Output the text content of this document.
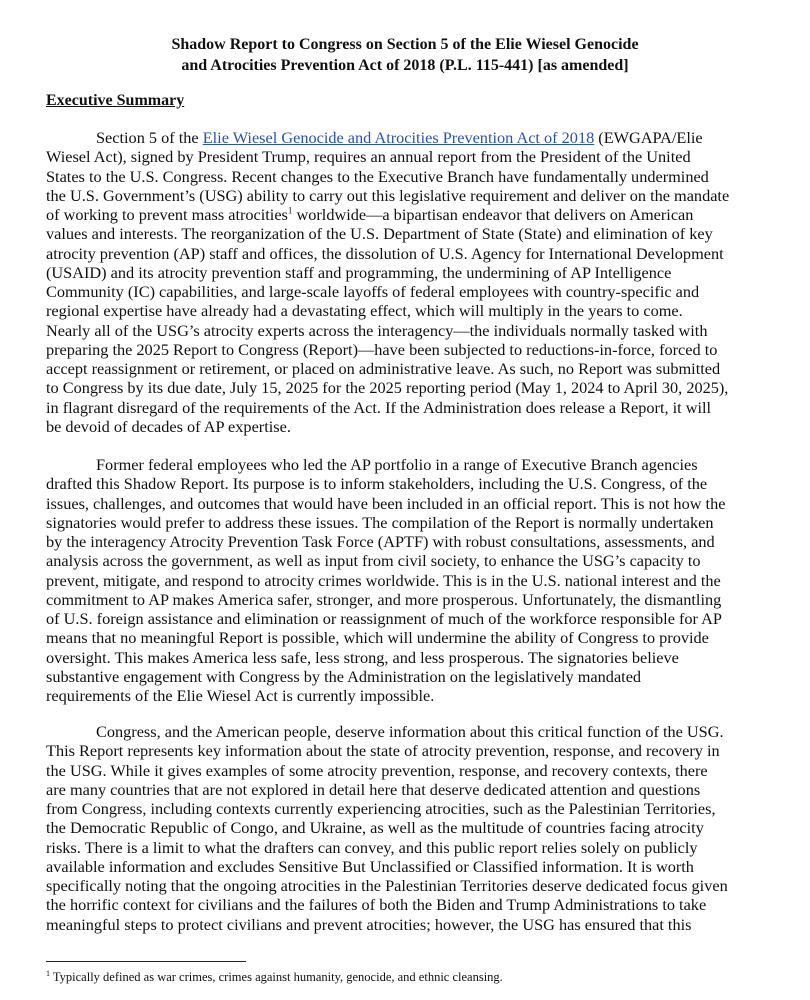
Shadow Report to Congress on Section 5 of the Elie Wiesel Genocide
and Atrocities Prevention Act of 2018 (P.L. 115-441) [as amended]
Executive Summary
Section 5 of the Elie Wiesel Genocide and Atrocities Prevention Act of 2018 (EWGAPA/Elie
Wiesel Act), signed by President Trump, requires an annual report from the President of the United
States to the U.S. Congress. Recent changes to the Executive Branch have fundamentally undermined
the U.S. Government’s (USG) ability to carry out this legislative requirement and deliver on the mandate
of working to prevent mass atrocities$^1$ worldwide—a bipartisan endeavor that delivers on American
values and interests. The reorganization of the U.S. Department of State (State) and elimination of key
atrocity prevention (AP) staff and offices, the dissolution of U.S. Agency for International Development
(USAID) and its atrocity prevention staff and programming, the undermining of AP Intelligence
Community (IC) capabilities, and large-scale layoffs of federal employees with country-specific and
regional expertise have already had a devastating effect, which will multiply in the years to come.
Nearly all of the USG’s atrocity experts across the interagency—the individuals normally tasked with
preparing the 2025 Report to Congress (Report)—have been subjected to reductions-in-force, forced to
accept reassignment or retirement, or placed on administrative leave. As such, no Report was submitted
to Congress by its due date, July 15, 2025 for the 2025 reporting period (May 1, 2024 to April 30, 2025),
in flagrant disregard of the requirements of the Act. If the Administration does release a Report, it will
be devoid of decades of AP expertise.
Former federal employees who led the AP portfolio in a range of Executive Branch agencies
drafted this Shadow Report. Its purpose is to inform stakeholders, including the U.S. Congress, of the
issues, challenges, and outcomes that would have been included in an official report. This is not how the
signatories would prefer to address these issues. The compilation of the Report is normally undertaken
by the interagency Atrocity Prevention Task Force (APTF) with robust consultations, assessments, and
analysis across the government, as well as input from civil society, to enhance the USG’s capacity to
prevent, mitigate, and respond to atrocity crimes worldwide. This is in the U.S. national interest and the
commitment to AP makes America safer, stronger, and more prosperous. Unfortunately, the dismantling
of U.S. foreign assistance and elimination or reassignment of much of the workforce responsible for AP
means that no meaningful Report is possible, which will undermine the ability of Congress to provide
oversight. This makes America less safe, less strong, and less prosperous. The signatories believe
substantive engagement with Congress by the Administration on the legislatively mandated
requirements of the Elie Wiesel Act is currently impossible.
Congress, and the American people, deserve information about this critical function of the USG.
This Report represents key information about the state of atrocity prevention, response, and recovery in
the USG. While it gives examples of some atrocity prevention, response, and recovery contexts, there
are many countries that are not explored in detail here that deserve dedicated attention and questions
from Congress, including contexts currently experiencing atrocities, such as the Palestinian Territories,
the Democratic Republic of Congo, and Ukraine, as well as the multitude of countries facing atrocity
risks. There is a limit to what the drafters can convey, and this public report relies solely on publicly
available information and excludes Sensitive But Unclassified or Classified information. It is worth
specifically noting that the ongoing atrocities in the Palestinian Territories deserve dedicated focus given
the horrific context for civilians and the failures of both the Biden and Trump Administrations to take
meaningful steps to protect civilians and prevent atrocities; however, the USG has ensured that this
$^1$ Typically defined as war crimes, crimes against humanity, genocide, and ethnic cleansing.
